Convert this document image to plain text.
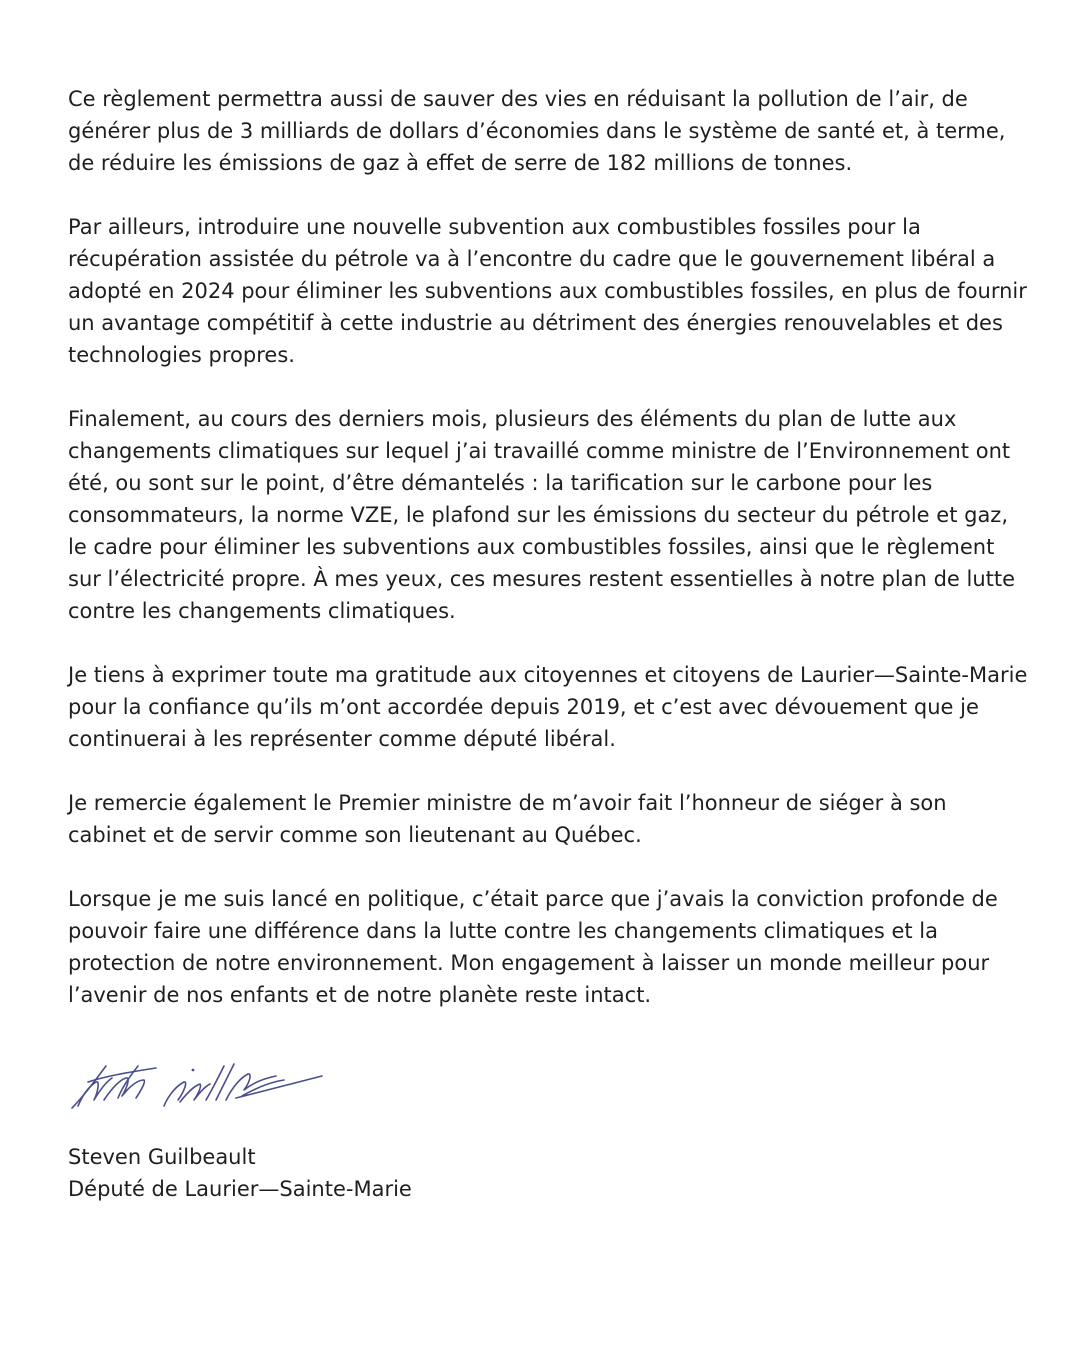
Ce règlement permettra aussi de sauver des vies en réduisant la pollution de l’air, de générer plus de 3 milliards de dollars d’économies dans le système de santé et, à terme, de réduire les émissions de gaz à effet de serre de 182 millions de tonnes.

Par ailleurs, introduire une nouvelle subvention aux combustibles fossiles pour la récupération assistée du pétrole va à l’encontre du cadre que le gouvernement libéral a adopté en 2024 pour éliminer les subventions aux combustibles fossiles, en plus de fournir un avantage compétitif à cette industrie au détriment des énergies renouvelables et des technologies propres.

Finalement, au cours des derniers mois, plusieurs des éléments du plan de lutte aux changements climatiques sur lequel j’ai travaillé comme ministre de l’Environnement ont été, ou sont sur le point, d’être démantelés : la tarification sur le carbone pour les consommateurs, la norme VZE, le plafond sur les émissions du secteur du pétrole et gaz, le cadre pour éliminer les subventions aux combustibles fossiles, ainsi que le règlement sur l’électricité propre. À mes yeux, ces mesures restent essentielles à notre plan de lutte contre les changements climatiques.

Je tiens à exprimer toute ma gratitude aux citoyennes et citoyens de Laurier—Sainte-Marie pour la confiance qu’ils m’ont accordée depuis 2019, et c’est avec dévouement que je continuerai à les représenter comme député libéral.

Je remercie également le Premier ministre de m’avoir fait l’honneur de siéger à son cabinet et de servir comme son lieutenant au Québec.

Lorsque je me suis lancé en politique, c’était parce que j’avais la conviction profonde de pouvoir faire une différence dans la lutte contre les changements climatiques et la protection de notre environnement. Mon engagement à laisser un monde meilleur pour l’avenir de nos enfants et de notre planète reste intact.

Steven Guilbeault
Député de Laurier—Sainte-Marie
